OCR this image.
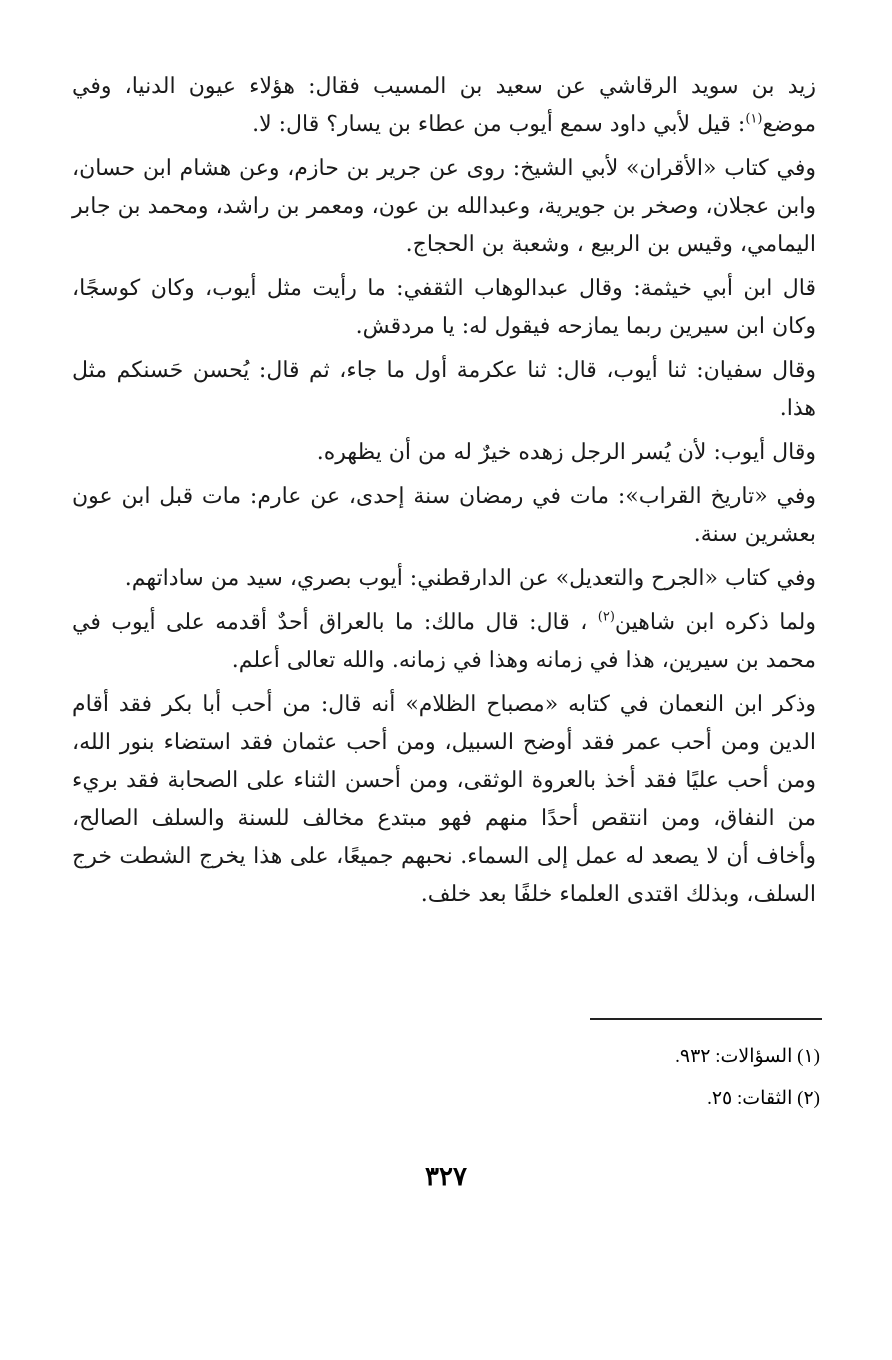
زيد بن سويد الرقاشي عن سعيد بن المسيب فقال: هؤلاء عيون الدنيا، وفي موضع$^{(١)}$: قيل لأبي داود سمع أيوب من عطاء بن يسار؟ قال: لا.

وفي كتاب «الأقران» لأبي الشيخ: روى عن جرير بن حازم، وعن هشام ابن حسان، وابن عجلان، وصخر بن جويرية، وعبدالله بن عون، ومعمر بن راشد، ومحمد بن جابر اليمامي، وقيس بن الربيع ، وشعبة بن الحجاج.

قال ابن أبي خيثمة: وقال عبدالوهاب الثقفي: ما رأيت مثل أيوب، وكان كوسجًا، وكان ابن سيرين ربما يمازحه فيقول له: يا مردقش.

وقال سفيان: ثنا أيوب، قال: ثنا عكرمة أول ما جاء، ثم قال: يُحسن حَسنكم مثل هذا.

وقال أيوب: لأن يُسر الرجل زهده خيرٌ له من أن يظهره.

وفي «تاريخ القراب»: مات في رمضان سنة إحدى، عن عارم: مات قبل ابن عون بعشرين سنة.

وفي كتاب «الجرح والتعديل» عن الدارقطني: أيوب بصري، سيد من ساداتهم.

ولما ذكره ابن شاهين$^{(٢)}$ ، قال: قال مالك: ما بالعراق أحدٌ أقدمه على أيوب في محمد بن سيرين، هذا في زمانه وهذا في زمانه. والله تعالى أعلم.

وذكر ابن النعمان في كتابه «مصباح الظلام» أنه قال: من أحب أبا بكر فقد أقام الدين ومن أحب عمر فقد أوضح السبيل، ومن أحب عثمان فقد استضاء بنور الله، ومن أحب عليًا فقد أخذ بالعروة الوثقى، ومن أحسن الثناء على الصحابة فقد بريء من النفاق، ومن انتقص أحدًا منهم فهو مبتدع مخالف للسنة والسلف الصالح، وأخاف أن لا يصعد له عمل إلى السماء. نحبهم جميعًا، على هذا يخرج الشطت خرج السلف، وبذلك اقتدى العلماء خلفًا بعد خلف.

(١) السؤالات: ٩٣٢.

(٢) الثقات: ٢٥.

٣٢٧
